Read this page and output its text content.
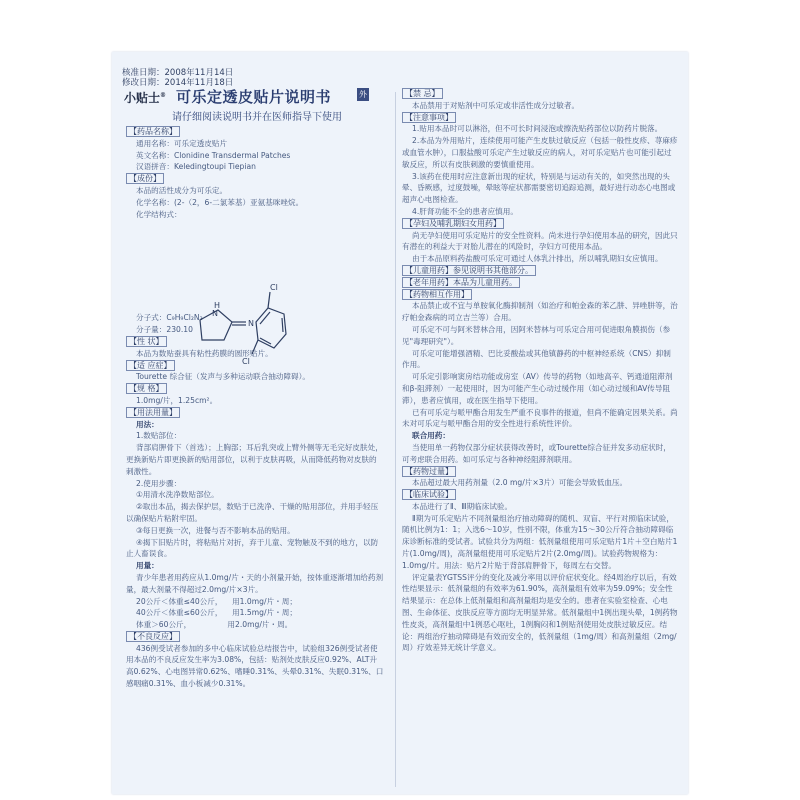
核准日期：2008年11月14日
修改日期：2014年11月18日
小贴士® 可乐定透皮贴片说明书	外
请仔细阅读说明书并在医师指导下使用

【药品名称】

通用名称：可乐定透皮贴片

英文名称：Clonidine Transdermal Patches

汉语拼音：Keledingtoupi Tiepian

【成份】

本品的活性成分为可乐定。

化学名称：(2-（2，6-二氯苯基）亚氨基咪唑烷。

化学结构式：

分子式：C₉H₉Cl₂N₃

分子量：230.10

【性 状】

本品为数贴蚕具有粘性药膜的圆形贴片。

【适 应症】

Tourette 综合征（发声与多种运动联合抽动障碍）。

【规 格】

1.0mg/片，1.25cm²。

【用法用量】

用法：

1.数贴部位：

背部肩胛骨下（首选）；上胸部；耳后乳突或上臂外侧等无毛完好皮肤处，更换新贴片即更换新的贴用部位，以利于皮肤再吸，从而降低药物对皮肤的刺激性。

2.使用步骤：

①用清水洗净数贴部位。

②取出本品，揭去保护层，数贴于已洗净、干燥的贴用部位，并用手轻压以确保贴片粘附牢固。

③每日更换一次，进餐与否不影响本品的贴用。

④揭下旧贴片时，将粘贴片对折，弃于儿童、宠物触及不到的地方，以防止人畜误食。

用量：

青少年患者用药应从1.0mg/片・天的小剂量开始，按体重逐渐增加给药剂量，最大剂量不得超过2.0mg/片×3片。

20公斤＜体重≤40公斤，    用1.0mg/片・周；

40公斤＜体重≤60公斤，    用1.5mg/片・周；

体重＞60公斤，               用2.0mg/片・周。

【不良反应】

436例受试者参加的多中心临床试验总结报告中，试验组326例受试者使用本品的不良反应发生率为3.08%，包括：贴剂处皮肤反应0.92%、ALT升高0.62%、心电图异常0.62%、嗜睡0.31%、头晕0.31%、失眠0.31%、口感咽痛0.31%、血小板减少0.31%。

H
N
N
Cl
Cl

【禁 忌】

本品禁用于对贴剂中可乐定或非活性成分过敏者。

【注意事项】

1.贴用本品时可以淋浴，但不可长时间浸泡或擦洗贴药部位以防药片脱落。

2.本品为外用贴片，连续使用可能产生皮肤过敏反应（包括一般性皮疹、荨麻疹或血管水肿），口服盐酸可乐定产生过敏反应的病人，对可乐定贴片也可能引起过敏反应，所以有皮肤刺激的要慎重使用。

3.该药在使用时应注意新出现的症状，特别是与运动有关的，如突然出现的头晕、昏厥感，过度鼓噪，晕眩等症状都需要密切追踪追测，最好进行动态心电图或超声心电图检查。

4.肝肾功能不全的患者应慎用。

【孕妇及哺乳期妇女用药】

尚无孕妇使用可乐定贴片的安全性资料。尚未进行孕妇使用本品的研究，因此只有潜在的利益大于对胎儿潜在的风险时，孕妇方可使用本品。

由于本品原料药盐酸可乐定可通过人体乳汁排出，所以哺乳期妇女应慎用。

【儿童用药】参见说明书其他部分。

【老年用药】本品为儿童用药。

【药物相互作用】

本品禁止或不宜与单胺氧化酶抑制剂（如治疗和帕金森的苯乙肼、异唑肼等，治疗帕金森病的司立吉兰等）合用。

可乐定不可与阿米替林合用，因阿米替林与可乐定合用可促进眼角膜损伤（参见"毒理研究"）。

可乐定可能增强酒精、巴比妥酸盐或其他镇静药的中枢神经系统（CNS）抑制作用。

可乐定引影响窦房结功能或房室（AV）传导的药物（如地高辛、钙通道阻滞剂和β-阻滞剂）一起使用时，因为可能产生心动过缓作用（如心动过缓和AV传导阻滞），患者应慎用，或在医生指导下使用。

已有可乐定与哌甲酯合用发生严重不良事件的报道，但尚不能确定因果关系。尚未对可乐定与哌甲酯合用的安全性进行系统性评价。

联合用药：

当使用单一药物仅部分症状获得改善时，或Tourette综合征并发多动症状时，可考虑联合用药。如可乐定与各种神经阻滞剂联用。

【药物过量】

本品超过最大用药剂量（2.0 mg/片×3片）可能会导致低血压。

【临床试验】

本品进行了Ⅱ、Ⅲ期临床试验。

Ⅱ期为可乐定贴片不同剂量组治疗抽动障碍的随机、双盲、平行对照临床试验，随机比例为1：1；入选6～10岁，性别不限，体重为15～30公斤符合抽动障碍临床诊断标准的受试者。试验共分为两组：低剂量组使用可乐定贴片1片＋空白贴片1片(1.0mg/周)，高剂量组使用可乐定贴片2片(2.0mg/周)。试验药物规格为：1.0mg/片。用法：贴片2片贴于背部肩胛骨下，每周左右交替。

评定量表YGTSS评分的变化及减分率用以评价症状变化。经4周治疗以后，有效性结果显示：低剂量组的有效率为61.90%，高剂量组有效率为59.09%；安全性结果显示：在总体上低剂量组和高剂量组均是安全的。患者在实验室检查、心电图、生命体征、皮肤反应等方面均无明显异常。低剂量组中1例出现头晕，1例药物性皮炎，高剂量组中1例恶心呕吐，1例胸闷和1例贴剂使用处皮肤过敏反应。结论：两组治疗抽动障碍是有效而安全的，低剂量组（1mg/周）和高剂量组（2mg/周）疗效差异无统计学意义。
